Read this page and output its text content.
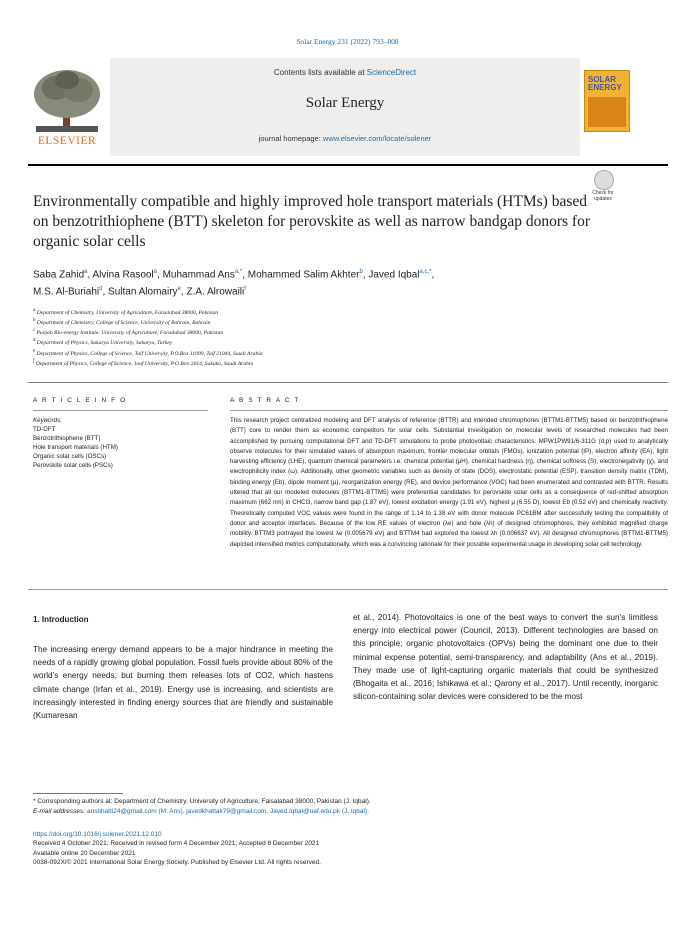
Solar Energy 231 (2022) 793–808
ELSEVIER
Contents lists available at ScienceDirect
Solar Energy
journal homepage: www.elsevier.com/locate/solener
SOLAR ENERGY
Check for updates
Environmentally compatible and highly improved hole transport materials (HTMs) based on benzotrithiophene (BTT) skeleton for perovskite as well as narrow bandgap donors for organic solar cells
Saba Zahid$^a$, Alvina Rasool$^a$, Muhammad Ans$^{a,*}$, Mohammed Salim Akhter$^b$, Javed Iqbal$^{a,c,*}$,
M.S. Al-Buriahi$^d$, Sultan Alomairy$^e$, Z.A. Alrowaili$^f$
$^a$ Department of Chemistry, University of Agriculture, Faisalabad 38000, Pakistan
$^b$ Department of Chemistry, College of Science, University of Bahrain, Bahrain
$^c$ Punjab Bio-energy Institute, University of Agriculture, Faisalabad 38000, Pakistan
$^d$ Department of Physics, Sakarya University, Sakarya, Turkey
$^e$ Department of Physics, College of Science, Taif University, P.O.Box 11099, Taif 21944, Saudi Arabia
$^f$ Department of Physics, College of Science, Jouf University, P.O.Box:2014, Sakaka, Saudi Arabia
A R T I C L E I N F O	A B S T R A C T
Keywords:
TD-DFT
Benzotrithiophene (BTT)
Hole transport materials (HTM)
Organic solar cells (OSCs)
Perovskite solar cells (PSCs)
This research project centralized modeling and DFT analysis of reference (BTTR) and intended chromophores (BTTM1-BTTM5) based on benzotrithiophene (BTT) core to render them as economic competitors for solar cells. Substantial investigation on molecular levels of researched molecules had been accomplished by pursuing computational DFT and TD-DFT simulations to probe photovoltaic characteristics. MPW1PW91/6-311G (d,p) used to analytically observe molecules for their simulated values of absorption maximum, frontier molecular orbitals (FMOs), ionization potential (IP), electron affinity (EA), light harvesting efficiency (LHE), quantum chemical parameters i.e. chemical potential (μH), chemical hardness (η), chemical softness (S), electronegativity (χ), and electrophilicity index (ω). Additionally, other geometric variables such as density of state (DOS), electrostatic potential (ESP), transition density matrix (TDM), binding energy (Eb), dipole moment (μ), reorganization energy (RE), and device performance (VOC) had been enumerated and contrasted with BTTR. Results uttered that all our modeled molecules (BTTM1-BTTM5) were preferential candidates for perovskite solar cells as a consequence of red-shifted absorption maximum (662 nm) in CHCl3, narrow band gap (1.87 eV), lowest excitation energy (1.91 eV), highest μ (6.55 D), lowest Eb (0.52 eV) and chemically reactivity. Theoretically computed VOC values were found in the range of 1.14 to 1.38 eV with donor molecule PC61BM after successfully testing the compatibility of donor and acceptor interfaces. Because of the low RE values of electron (λe) and hole (λh) of designed chromophores, they exhibited magnified charge mobility. BTTM3 portrayed the lowest λe (0.005679 eV) and BTTM4 had explored the lowest λh (0.006637 eV). All designed chromophores (BTTM1-BTTM5) depicted intensified metrics computationally, which was a convincing rationale for their possible experimental usage in developing solar cell technology.
1. Introduction
The increasing energy demand appears to be a major hindrance in meeting the needs of a rapidly growing global population. Fossil fuels provide about 80% of the world’s energy needs, but burning them releases lots of CO2, which hastens climate change (Irfan et al., 2019). Energy use is increasing, and scientists are increasingly interested in finding energy sources that are friendly and sustainable (Kumaresan
et al., 2014). Photovoltaics is one of the best ways to convert the sun’s limitless energy into electrical power (Council, 2013). Different technologies are based on this principle; organic photovoltaics (OPVs) being the dominant one due to their minimal expense potential, semi-transparency, and adaptability (Ans et al., 2019). They made use of light-capturing organic materials that could be synthesized (Bhogaita et al., 2016; Ishikawa et al.; Qarony et al., 2017). Until recently, inorganic silicon-containing solar devices were considered to be the most
* Corresponding authors at: Department of Chemistry, University of Agriculture, Faisalabad 38000, Pakistan (J. Iqbal).
E-mail addresses: ansbhatti24@gmail.com (M. Ans), javedkhattak79@gmail.com, Javed.Iqbal@uaf.edu.pk (J. Iqbal).
https://doi.org/10.1016/j.solener.2021.12.010
Received 4 October 2021; Received in revised form 4 December 2021; Accepted 8 December 2021
Available online 20 December 2021
0038-092X/© 2021 International Solar Energy Society. Published by Elsevier Ltd. All rights reserved.
